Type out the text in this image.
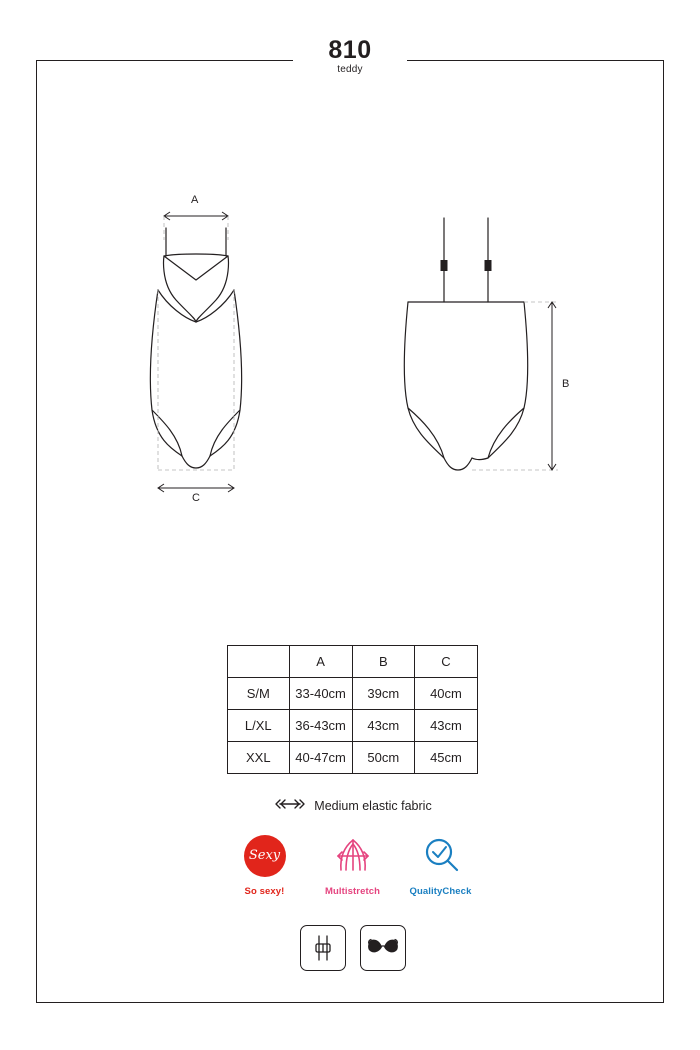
810
teddy
A
C
B
	A	B	C
S/M	33-40cm	39cm	40cm
L/XL	36-43cm	43cm	43cm
XXL	40-47cm	50cm	45cm
Medium elastic fabric
Sexy
So sexy!	Multistretch	QualityCheck
